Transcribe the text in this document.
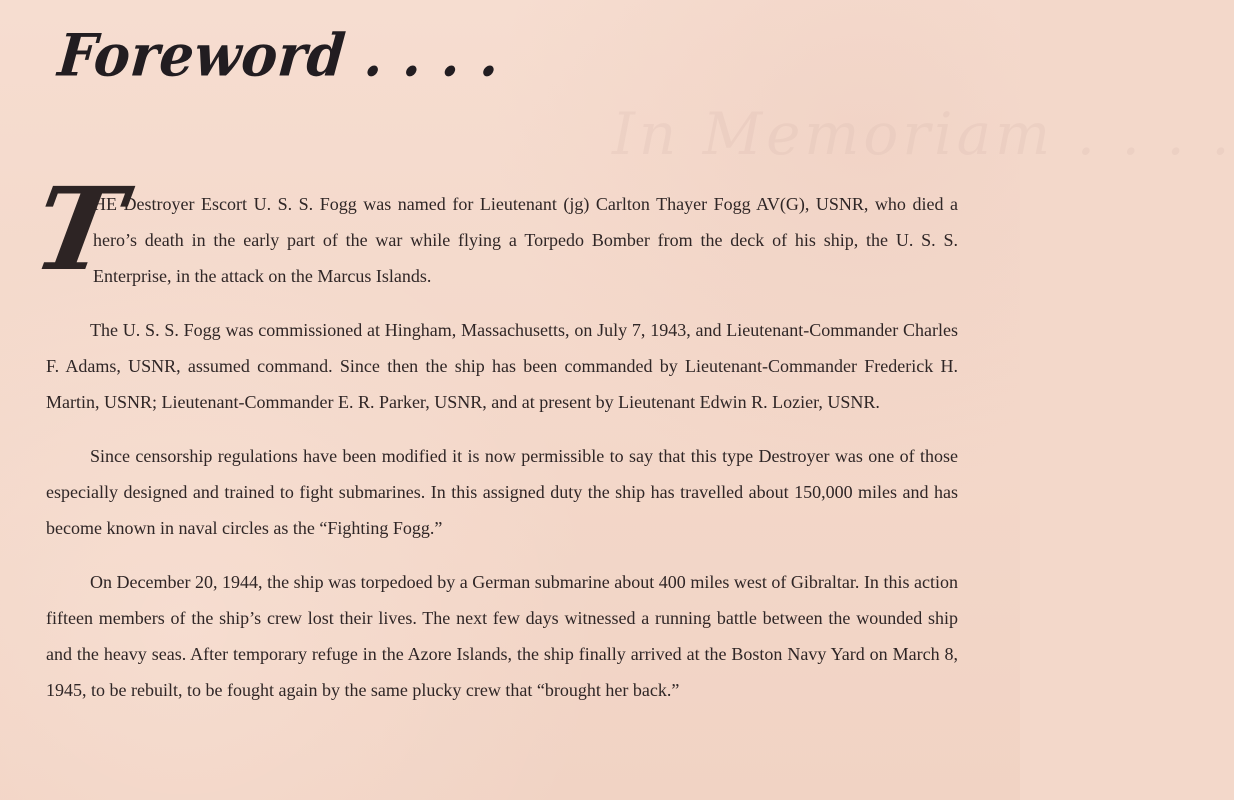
In Memoriam . . . .
Foreword . . . .
T
HE Destroyer Escort U. S. S. Fogg was named for Lieutenant (jg) Carlton Thayer Fogg AV(G), USNR, who died a hero’s death in the early part of the war while flying a Torpedo Bomber from the deck of his ship, the U. S. S. Enterprise, in the attack on the Marcus Islands.

The U. S. S. Fogg was commissioned at Hingham, Massachusetts, on July 7, 1943, and Lieutenant-Commander Charles F. Adams, USNR, assumed command. Since then the ship has been commanded by Lieutenant-Commander Frederick H. Martin, USNR; Lieutenant-Commander E. R. Parker, USNR, and at present by Lieutenant Edwin R. Lozier, USNR.

Since censorship regulations have been modified it is now permissible to say that this type Destroyer was one of those especially designed and trained to fight submarines. In this assigned duty the ship has travelled about 150,000 miles and has become known in naval circles as the “Fighting Fogg.”

On December 20, 1944, the ship was torpedoed by a German submarine about 400 miles west of Gibraltar. In this action fifteen members of the ship’s crew lost their lives. The next few days witnessed a running battle between the wounded ship and the heavy seas. After temporary refuge in the Azore Islands, the ship finally arrived at the Boston Navy Yard on March 8, 1945, to be rebuilt, to be fought again by the same plucky crew that “brought her back.”
